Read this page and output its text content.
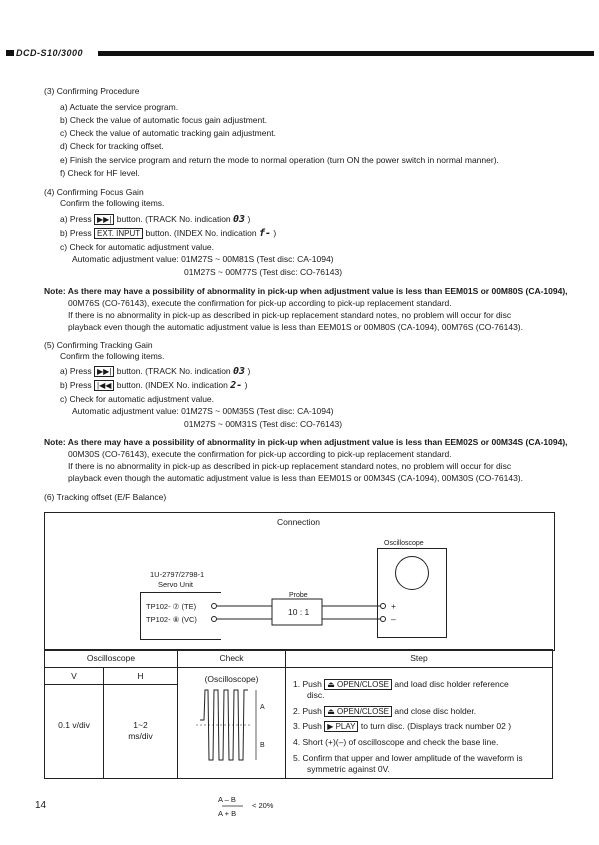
DCD-S10/3000
(3) Confirming Procedure
a) Actuate the service program.
b) Check the value of automatic focus gain adjustment.
c) Check the value of automatic tracking gain adjustment.
d) Check for tracking offset.
e) Finish the service program and return the mode to normal operation (turn ON the power switch in normal manner).
f) Check for HF level.
(4) Confirming Focus Gain
Confirm the following items.
a) Press ▶▶| button. (TRACK No. indication 03 )
b) Press EXT. INPUT button. (INDEX No. indication f- )
c) Check for automatic adjustment value.
Automatic adjustment value: 01M27S ~ 00M81S (Test disc: CA-1094)
01M27S ~ 00M77S (Test disc: CO-76143)
Note: As there may have a possibility of abnormality in pick-up when adjustment value is less than EEM01S or 00M80S (CA-1094),
00M76S (CO-76143), execute the confirmation for pick-up according to pick-up replacement standard.
If there is no abnormality in pick-up as described in pick-up replacement standard notes, no problem will occur for disc
playback even though the automatic adjustment value is less than EEM01S or 00M80S (CA-1094), 00M76S (CO-76143).
(5) Confirming Tracking Gain
Confirm the following items.
a) Press ▶▶| button. (TRACK No. indication 03 )
b) Press |◀◀ button. (INDEX No. indication 2- )
c) Check for automatic adjustment value.
Automatic adjustment value: 01M27S ~ 00M35S (Test disc: CA-1094)
01M27S ~ 00M31S (Test disc: CO-76143)
Note: As there may have a possibility of abnormality in pick-up when adjustment value is less than EEM02S or 00M34S (CA-1094),
00M30S (CO-76143), execute the confirmation for pick-up according to pick-up replacement standard.
If there is no abnormality in pick-up as described in pick-up replacement standard notes, no problem will occur for disc
playback even though the automatic adjustment value is less than EEM01S or 00M34S (CA-1094), 00M30S (CO-76143).
(6) Tracking offset (E/F Balance)
Connection
Oscilloscope
1U-2797/2798-1
Servo Unit
TP102- ⑦ (TE)
TP102- ⑧ (VC)
Probe
10 : 1
+
–
Oscilloscope	Check	Step
V	H
0.1 v/div	1~2
ms/div
(Oscilloscope)
A
B
A – B
A + B
< 20%
1. Push ⏏ OPEN/CLOSE and load disc holder reference
disc.
2. Push ⏏ OPEN/CLOSE and close disc holder.
3. Push ▶ PLAY to turn disc. (Displays track number 02 )
4. Short (+)(–) of oscilloscope and check the base line.
5. Confirm that upper and lower amplitude of the waveform is
symmetric against 0V.
14
